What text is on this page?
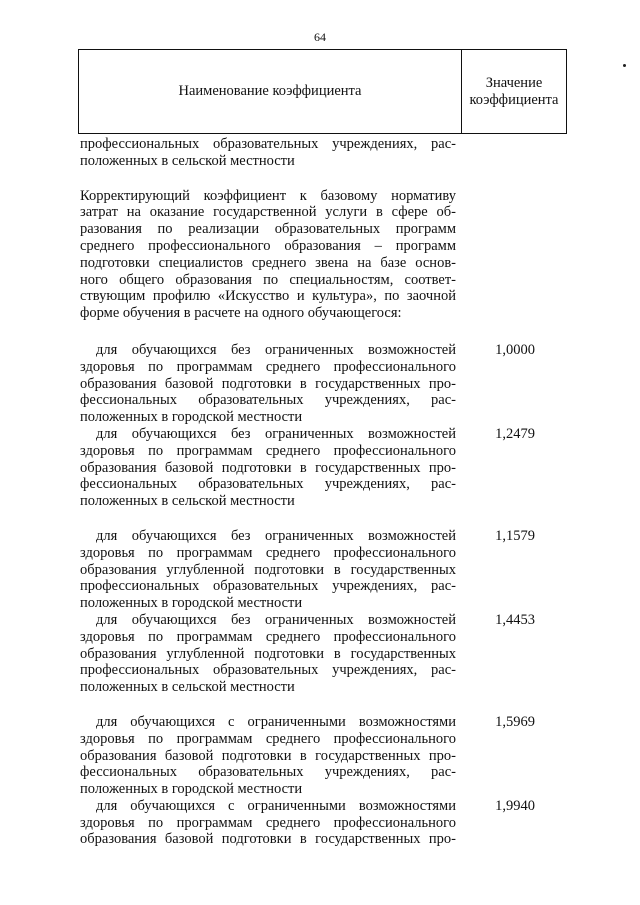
64
Наименование коэффициента
Значение коэффициента
профессиональных образовательных учреждениях, рас-
положенных в сельской местности
Корректирующий коэффициент к базовому нормативу
затрат на оказание государственной услуги в сфере об-
разования по реализации образовательных программ
среднего профессионального образования – программ
подготовки специалистов среднего звена на базе основ-
ного общего образования по специальностям, соответ-
ствующим профилю «Искусство и культура», по заочной
форме обучения в расчете на одного обучающегося:
для обучающихся без ограниченных возможностей
здоровья по программам среднего профессионального
образования базовой подготовки в государственных про-
фессиональных образовательных учреждениях, рас-
положенных в городской местности
1,0000
для обучающихся без ограниченных возможностей
здоровья по программам среднего профессионального
образования базовой подготовки в государственных про-
фессиональных образовательных учреждениях, рас-
положенных в сельской местности
1,2479
для обучающихся без ограниченных возможностей
здоровья по программам среднего профессионального
образования углубленной подготовки в государственных
профессиональных образовательных учреждениях, рас-
положенных в городской местности
1,1579
для обучающихся без ограниченных возможностей
здоровья по программам среднего профессионального
образования углубленной подготовки в государственных
профессиональных образовательных учреждениях, рас-
положенных в сельской местности
1,4453
для обучающихся с ограниченными возможностями
здоровья по программам среднего профессионального
образования базовой подготовки в государственных про-
фессиональных образовательных учреждениях, рас-
положенных в городской местности
1,5969
для обучающихся с ограниченными возможностями
здоровья по программам среднего профессионального
образования базовой подготовки в государственных про-
1,9940
